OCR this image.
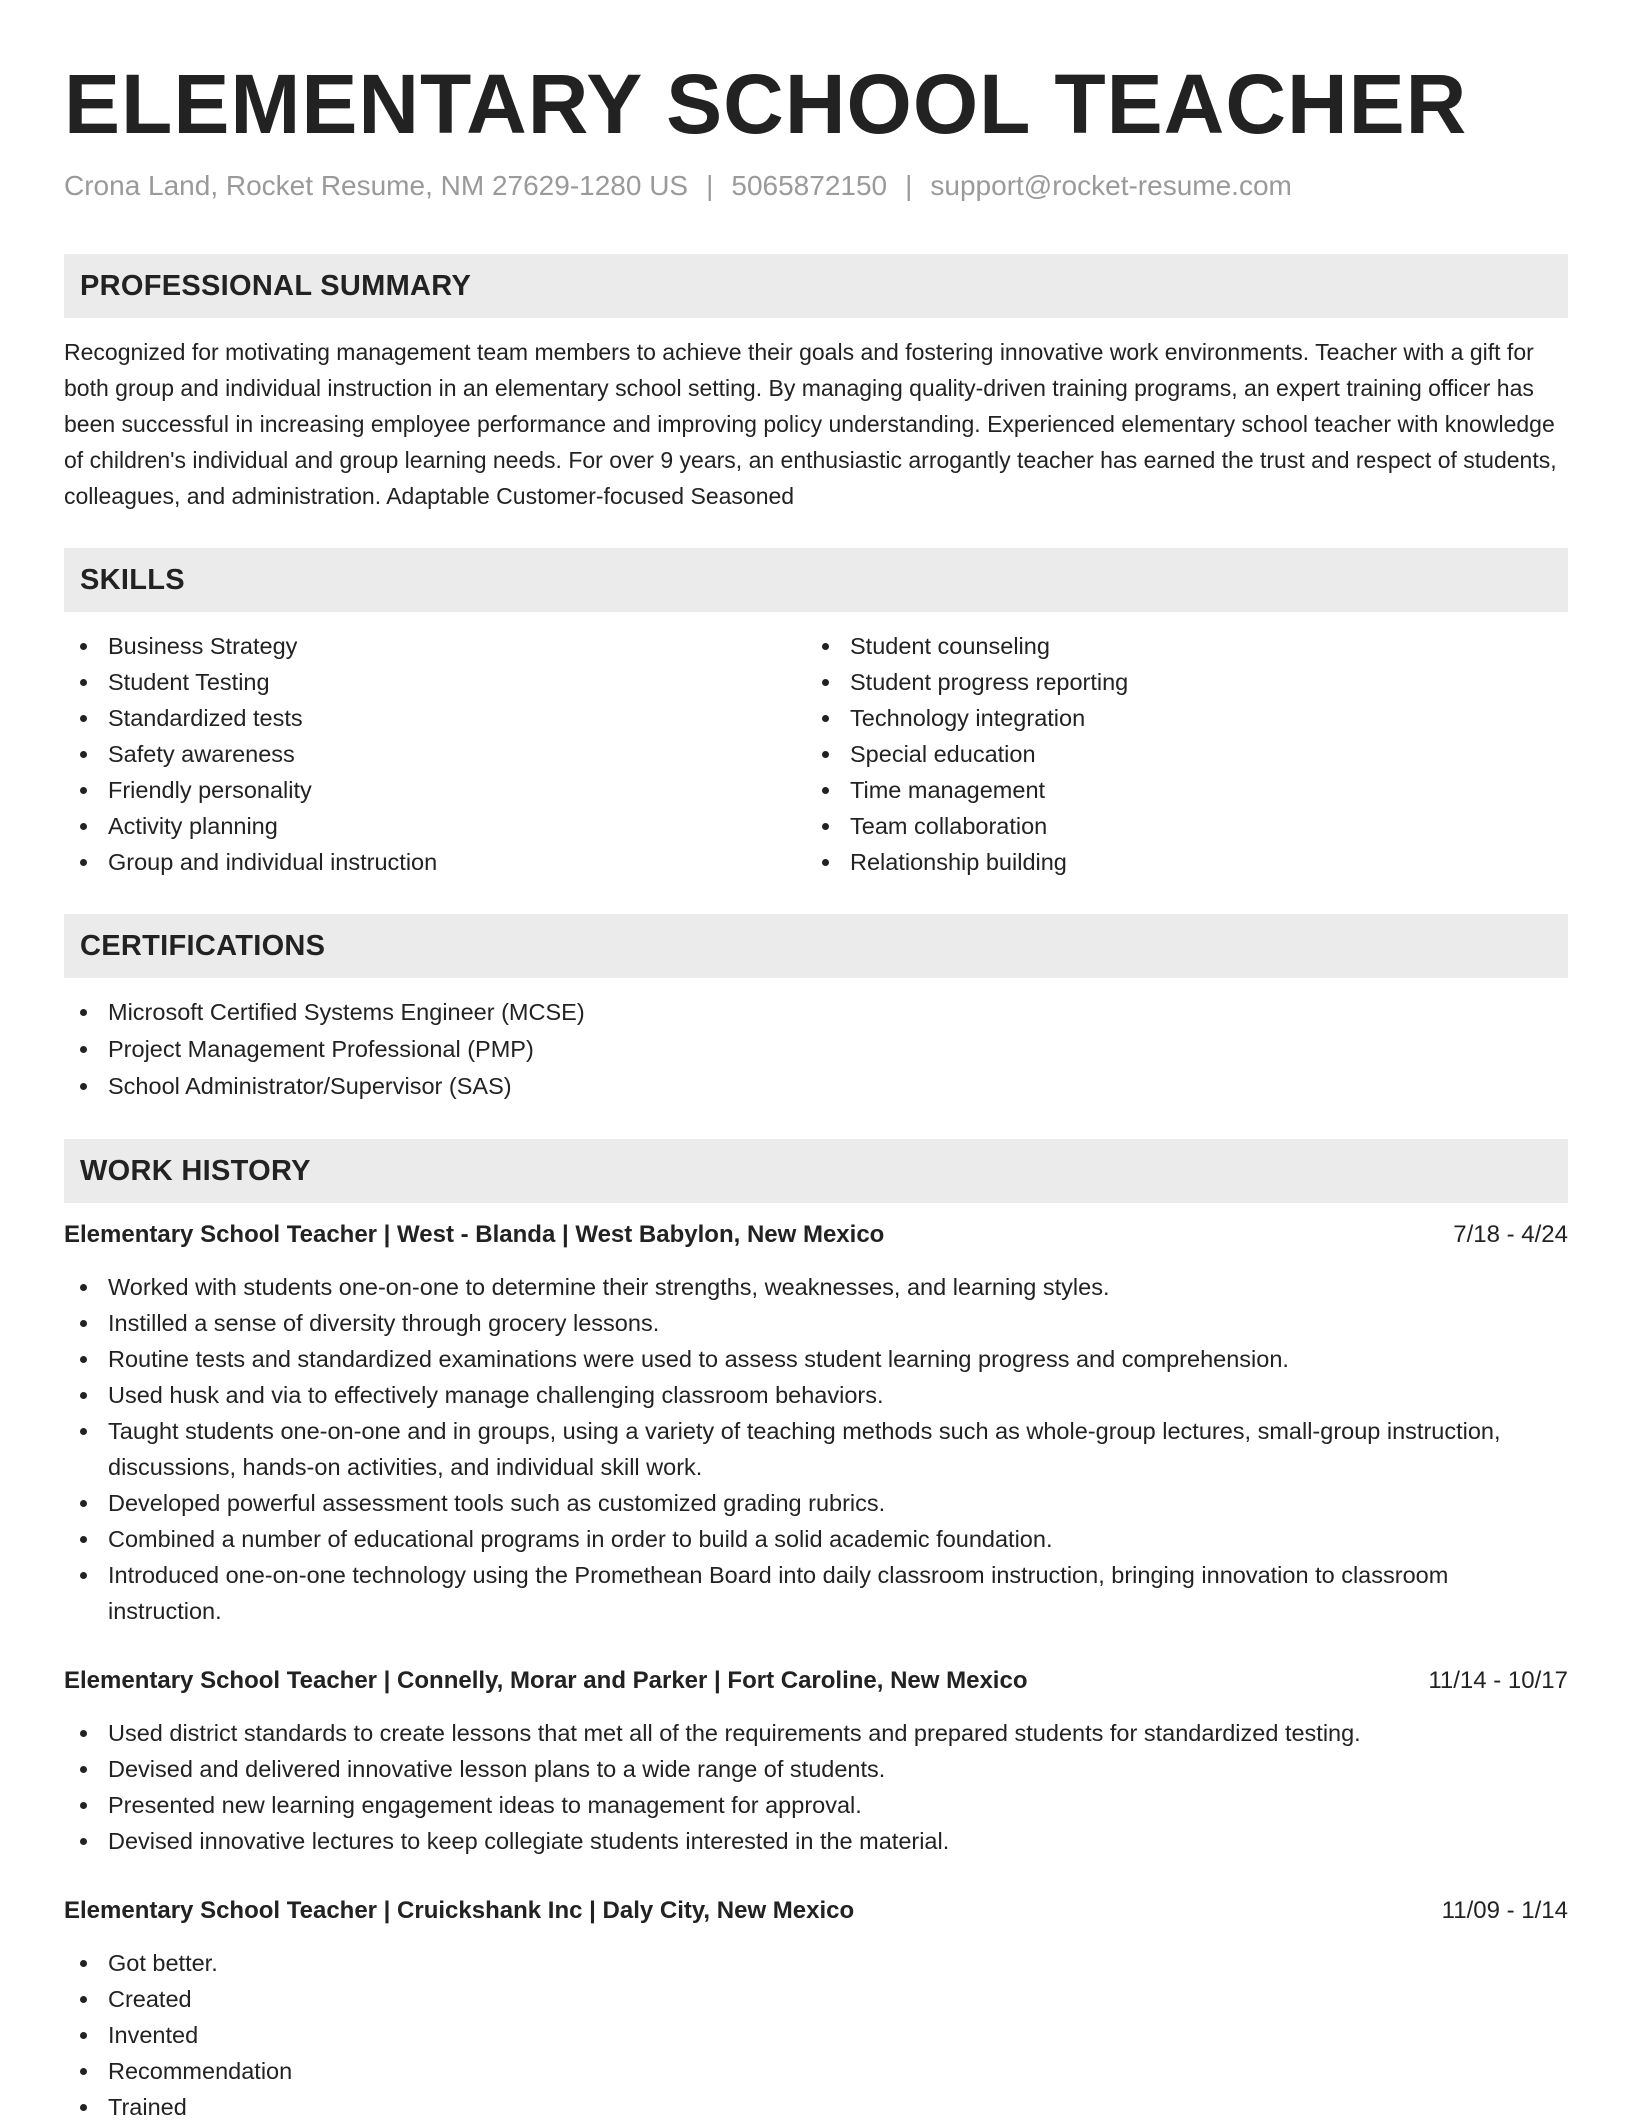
ELEMENTARY SCHOOL TEACHER
Crona Land, Rocket Resume, NM 27629-1280 US | 5065872150 | support@rocket-resume.com
PROFESSIONAL SUMMARY

Recognized for motivating management team members to achieve their goals and fostering innovative work environments. Teacher with a gift for both group and individual instruction in an elementary school setting. By managing quality-driven training programs, an expert training officer has been successful in increasing employee performance and improving policy understanding. Experienced elementary school teacher with knowledge of children's individual and group learning needs. For over 9 years, an enthusiastic arrogantly teacher has earned the trust and respect of students, colleagues, and administration. Adaptable Customer-focused Seasoned

SKILLS
Business Strategy
Student Testing
Standardized tests
Safety awareness
Friendly personality
Activity planning
Group and individual instruction
Student counseling
Student progress reporting
Technology integration
Special education
Time management
Team collaboration
Relationship building
CERTIFICATIONS
Microsoft Certified Systems Engineer (MCSE)
Project Management Professional (PMP)
School Administrator/Supervisor (SAS)
WORK HISTORY
Elementary School Teacher | West - Blanda | West Babylon, New Mexico	7/18 - 4/24
Worked with students one-on-one to determine their strengths, weaknesses, and learning styles.
Instilled a sense of diversity through grocery lessons.
Routine tests and standardized examinations were used to assess student learning progress and comprehension.
Used husk and via to effectively manage challenging classroom behaviors.
Taught students one-on-one and in groups, using a variety of teaching methods such as whole-group lectures, small-group instruction, discussions, hands-on activities, and individual skill work.
Developed powerful assessment tools such as customized grading rubrics.
Combined a number of educational programs in order to build a solid academic foundation.
Introduced one-on-one technology using the Promethean Board into daily classroom instruction, bringing innovation to classroom instruction.
Elementary School Teacher | Connelly, Morar and Parker | Fort Caroline, New Mexico	11/14 - 10/17
Used district standards to create lessons that met all of the requirements and prepared students for standardized testing.
Devised and delivered innovative lesson plans to a wide range of students.
Presented new learning engagement ideas to management for approval.
Devised innovative lectures to keep collegiate students interested in the material.
Elementary School Teacher | Cruickshank Inc | Daly City, New Mexico	11/09 - 1/14
Got better.
Created
Invented
Recommendation
Trained
